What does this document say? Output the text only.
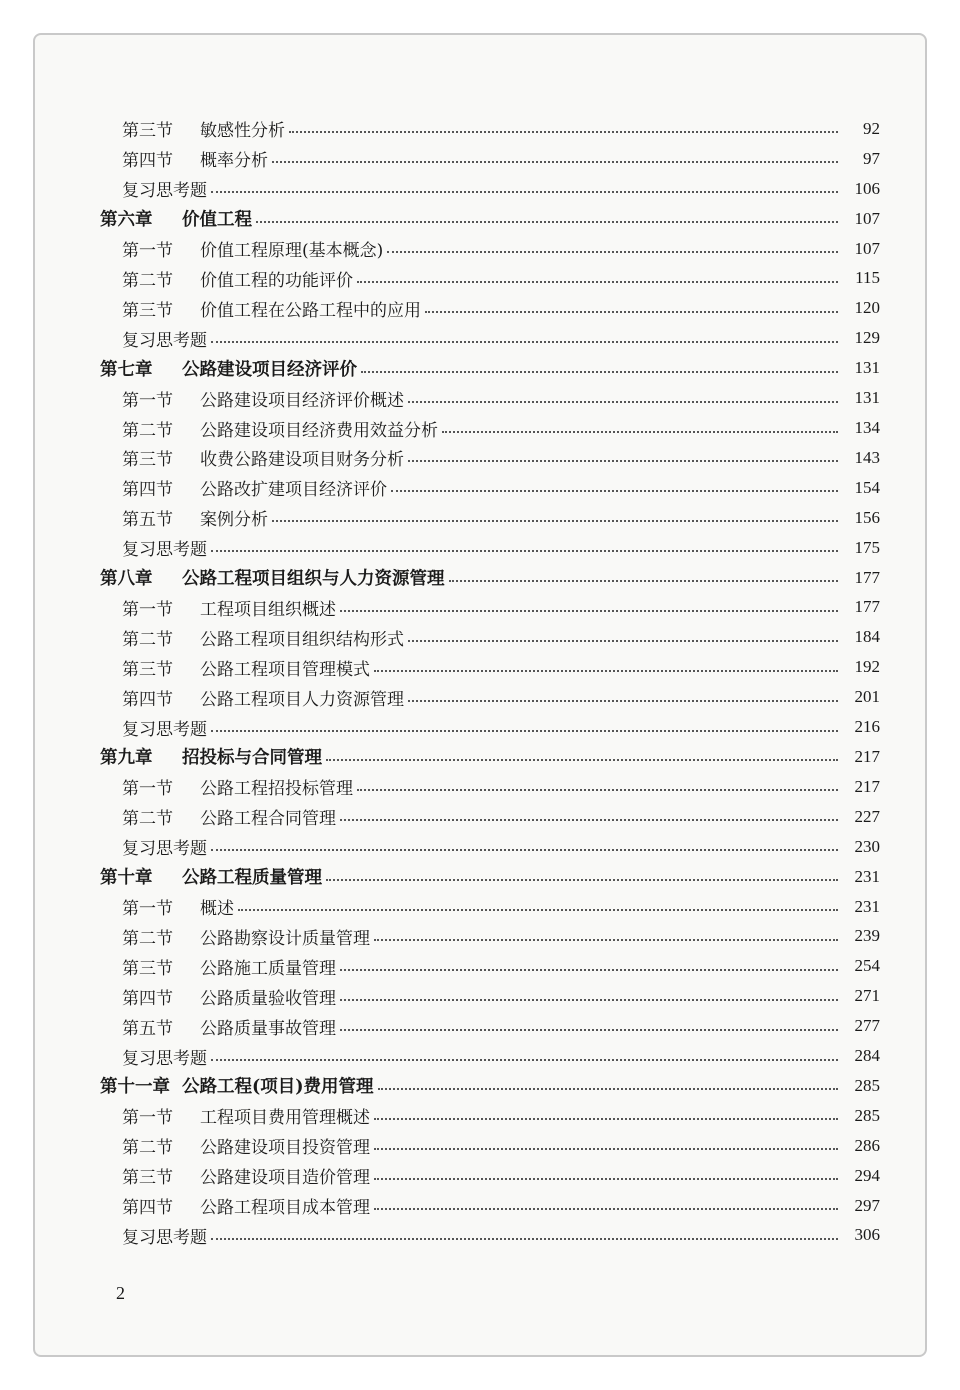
第三节 敏感性分析	92
第四节 概率分析	97
复习思考题	106
第六章 价值工程	107
第一节 价值工程原理(基本概念)	107
第二节 价值工程的功能评价	115
第三节 价值工程在公路工程中的应用	120
复习思考题	129
第七章 公路建设项目经济评价	131
第一节 公路建设项目经济评价概述	131
第二节 公路建设项目经济费用效益分析	134
第三节 收费公路建设项目财务分析	143
第四节 公路改扩建项目经济评价	154
第五节 案例分析	156
复习思考题	175
第八章 公路工程项目组织与人力资源管理	177
第一节 工程项目组织概述	177
第二节 公路工程项目组织结构形式	184
第三节 公路工程项目管理模式	192
第四节 公路工程项目人力资源管理	201
复习思考题	216
第九章 招投标与合同管理	217
第一节 公路工程招投标管理	217
第二节 公路工程合同管理	227
复习思考题	230
第十章 公路工程质量管理	231
第一节 概述	231
第二节 公路勘察设计质量管理	239
第三节 公路施工质量管理	254
第四节 公路质量验收管理	271
第五节 公路质量事故管理	277
复习思考题	284
第十一章 公路工程(项目)费用管理	285
第一节 工程项目费用管理概述	285
第二节 公路建设项目投资管理	286
第三节 公路建设项目造价管理	294
第四节 公路工程项目成本管理	297
复习思考题	306
2
